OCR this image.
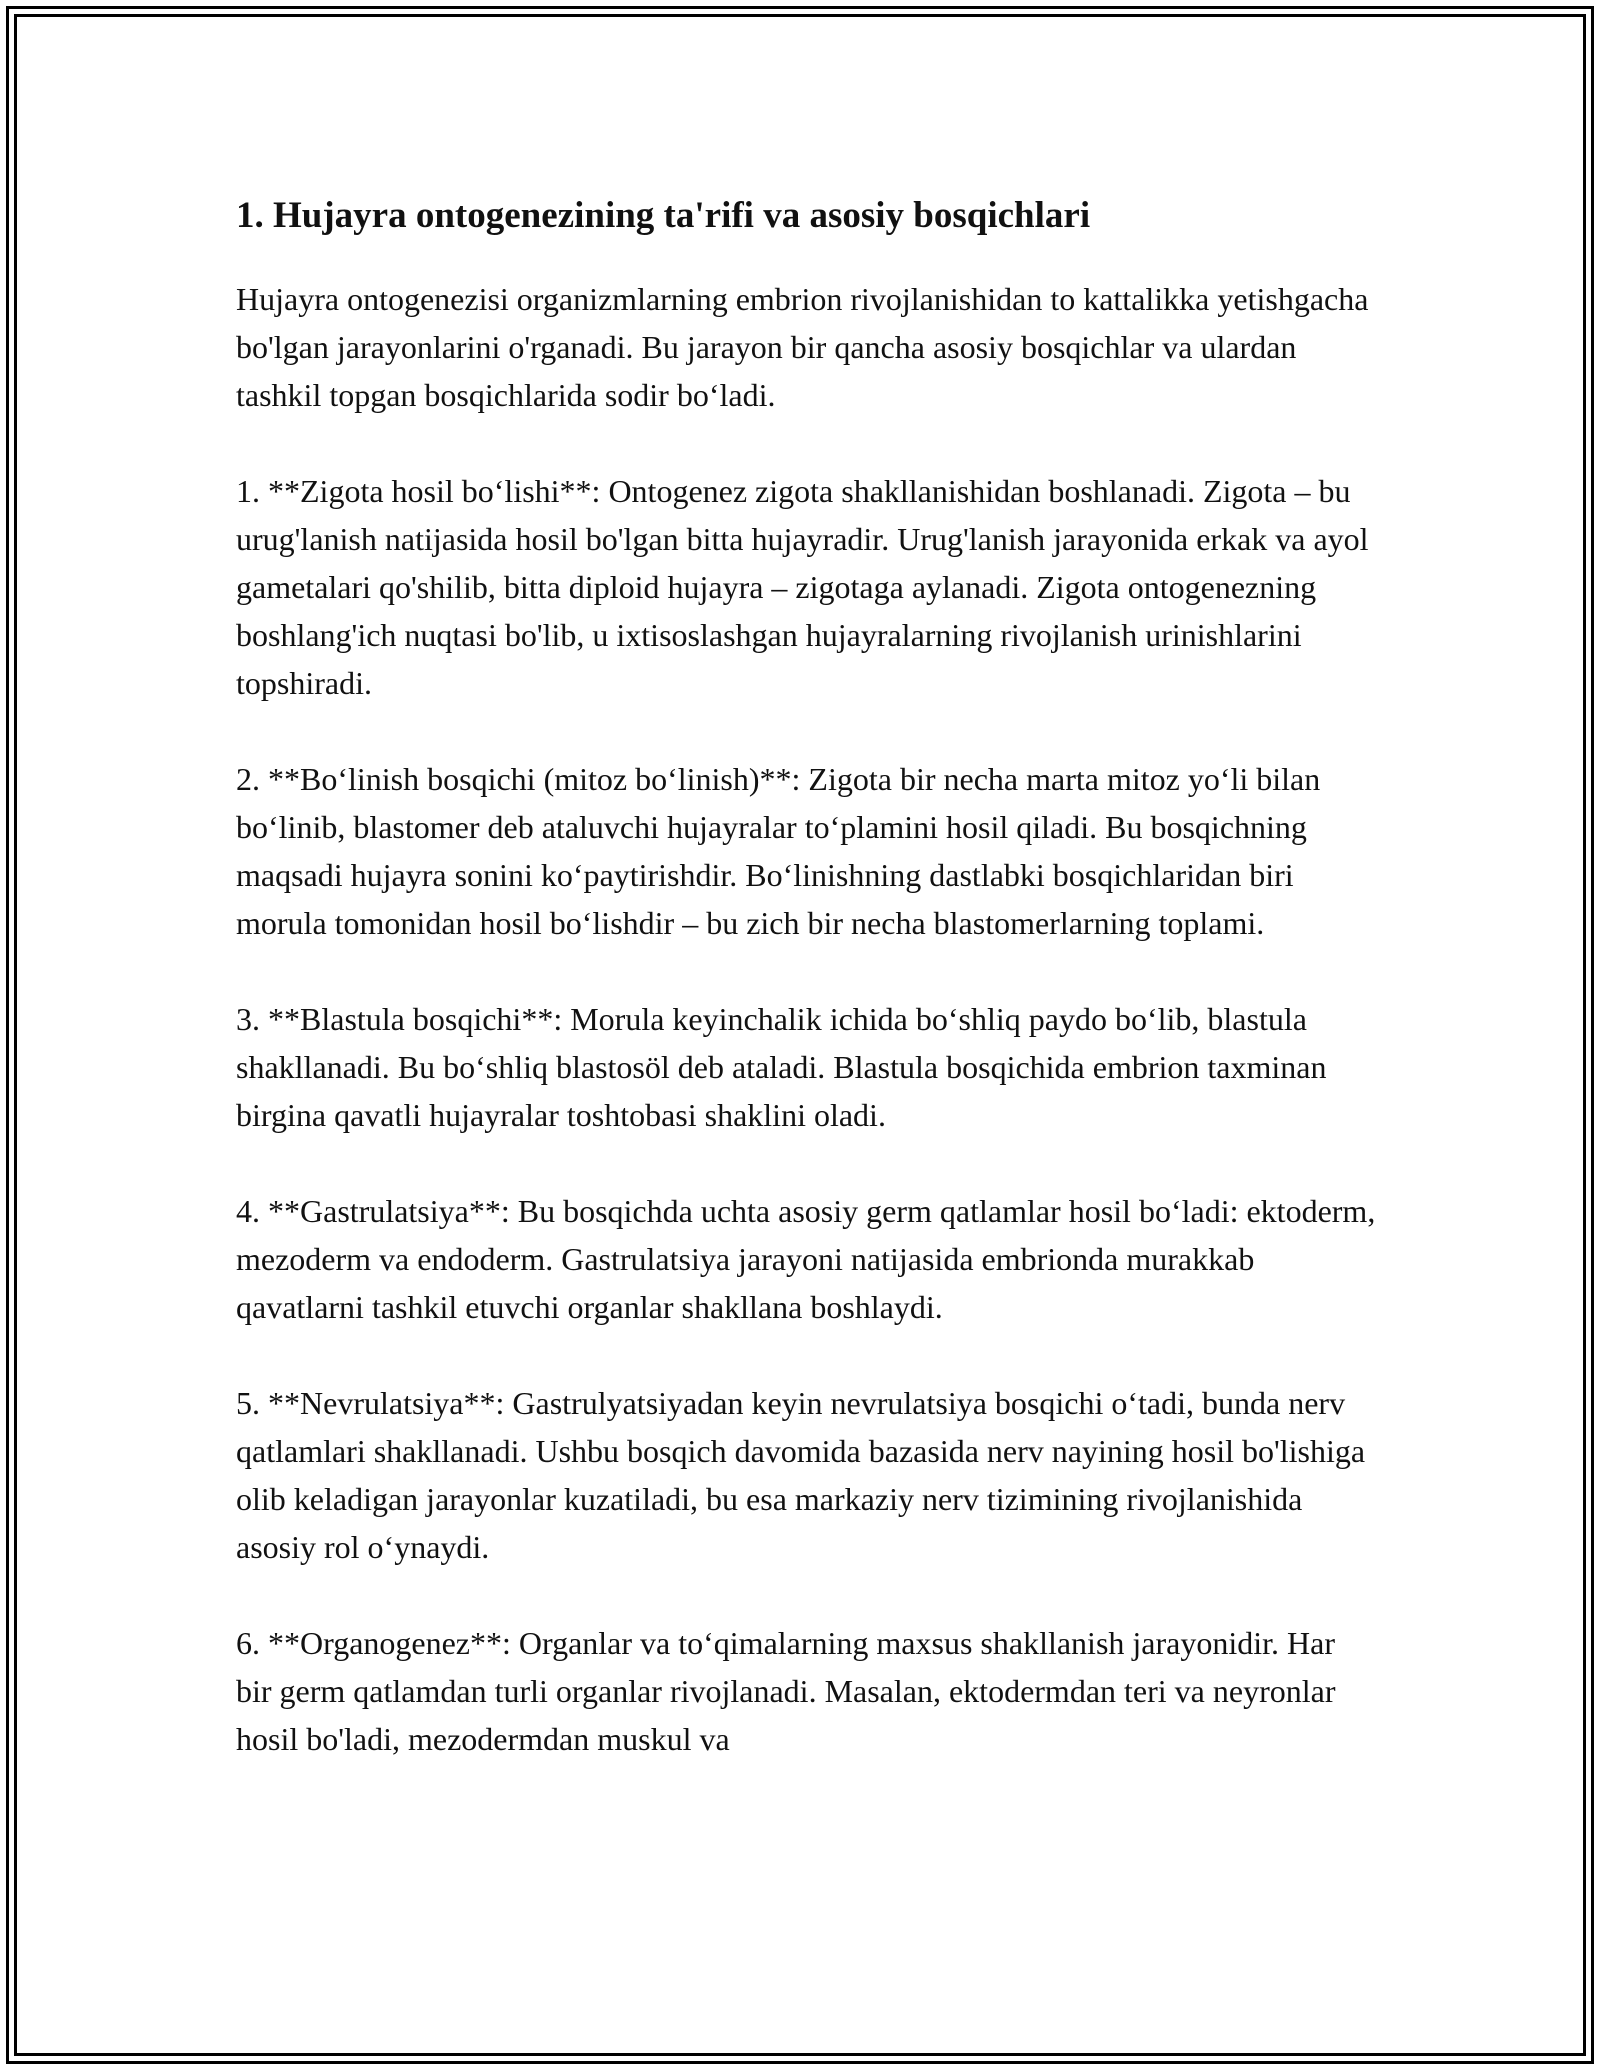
1. Hujayra ontogenezining ta'rifi va asosiy bosqichlari

Hujayra ontogenezisi organizmlarning embrion rivojlanishidan to kattalikka yetishgacha bo'lgan jarayonlarini o'rganadi. Bu jarayon bir qancha asosiy bosqichlar va ulardan tashkil topgan bosqichlarida sodir bo‘ladi.

1. **Zigota hosil bo‘lishi**: Ontogenez zigota shakllanishidan boshlanadi. Zigota – bu urug'lanish natijasida hosil bo'lgan bitta hujayradir. Urug'lanish jarayonida erkak va ayol gametalari qo'shilib, bitta diploid hujayra – zigotaga aylanadi. Zigota ontogenezning boshlang'ich nuqtasi bo'lib, u ixtisoslashgan hujayralarning rivojlanish urinishlarini topshiradi.

2. **Bo‘linish bosqichi (mitoz bo‘linish)**: Zigota bir necha marta mitoz yo‘li bilan bo‘linib, blastomer deb ataluvchi hujayralar to‘plamini hosil qiladi. Bu bosqichning maqsadi hujayra sonini ko‘paytirishdir. Bo‘linishning dastlabki bosqichlaridan biri morula tomonidan hosil bo‘lishdir – bu zich bir necha blastomerlarning toplami.

3. **Blastula bosqichi**: Morula keyinchalik ichida bo‘shliq paydo bo‘lib, blastula shakllanadi. Bu bo‘shliq blastosöl deb ataladi. Blastula bosqichida embrion taxminan birgina qavatli hujayralar toshtobasi shaklini oladi.

4. **Gastrulatsiya**: Bu bosqichda uchta asosiy germ qatlamlar hosil bo‘ladi: ektoderm, mezoderm va endoderm. Gastrulatsiya jarayoni natijasida embrionda murakkab qavatlarni tashkil etuvchi organlar shakllana boshlaydi.

5. **Nevrulatsiya**: Gastrulyatsiyadan keyin nevrulatsiya bosqichi o‘tadi, bunda nerv qatlamlari shakllanadi. Ushbu bosqich davomida bazasida nerv nayining hosil bo'lishiga olib keladigan jarayonlar kuzatiladi, bu esa markaziy nerv tizimining rivojlanishida asosiy rol o‘ynaydi.

6. **Organogenez**: Organlar va to‘qimalarning maxsus shakllanish jarayonidir. Har bir germ qatlamdan turli organlar rivojlanadi. Masalan, ektodermdan teri va neyronlar hosil bo'ladi, mezodermdan muskul va
